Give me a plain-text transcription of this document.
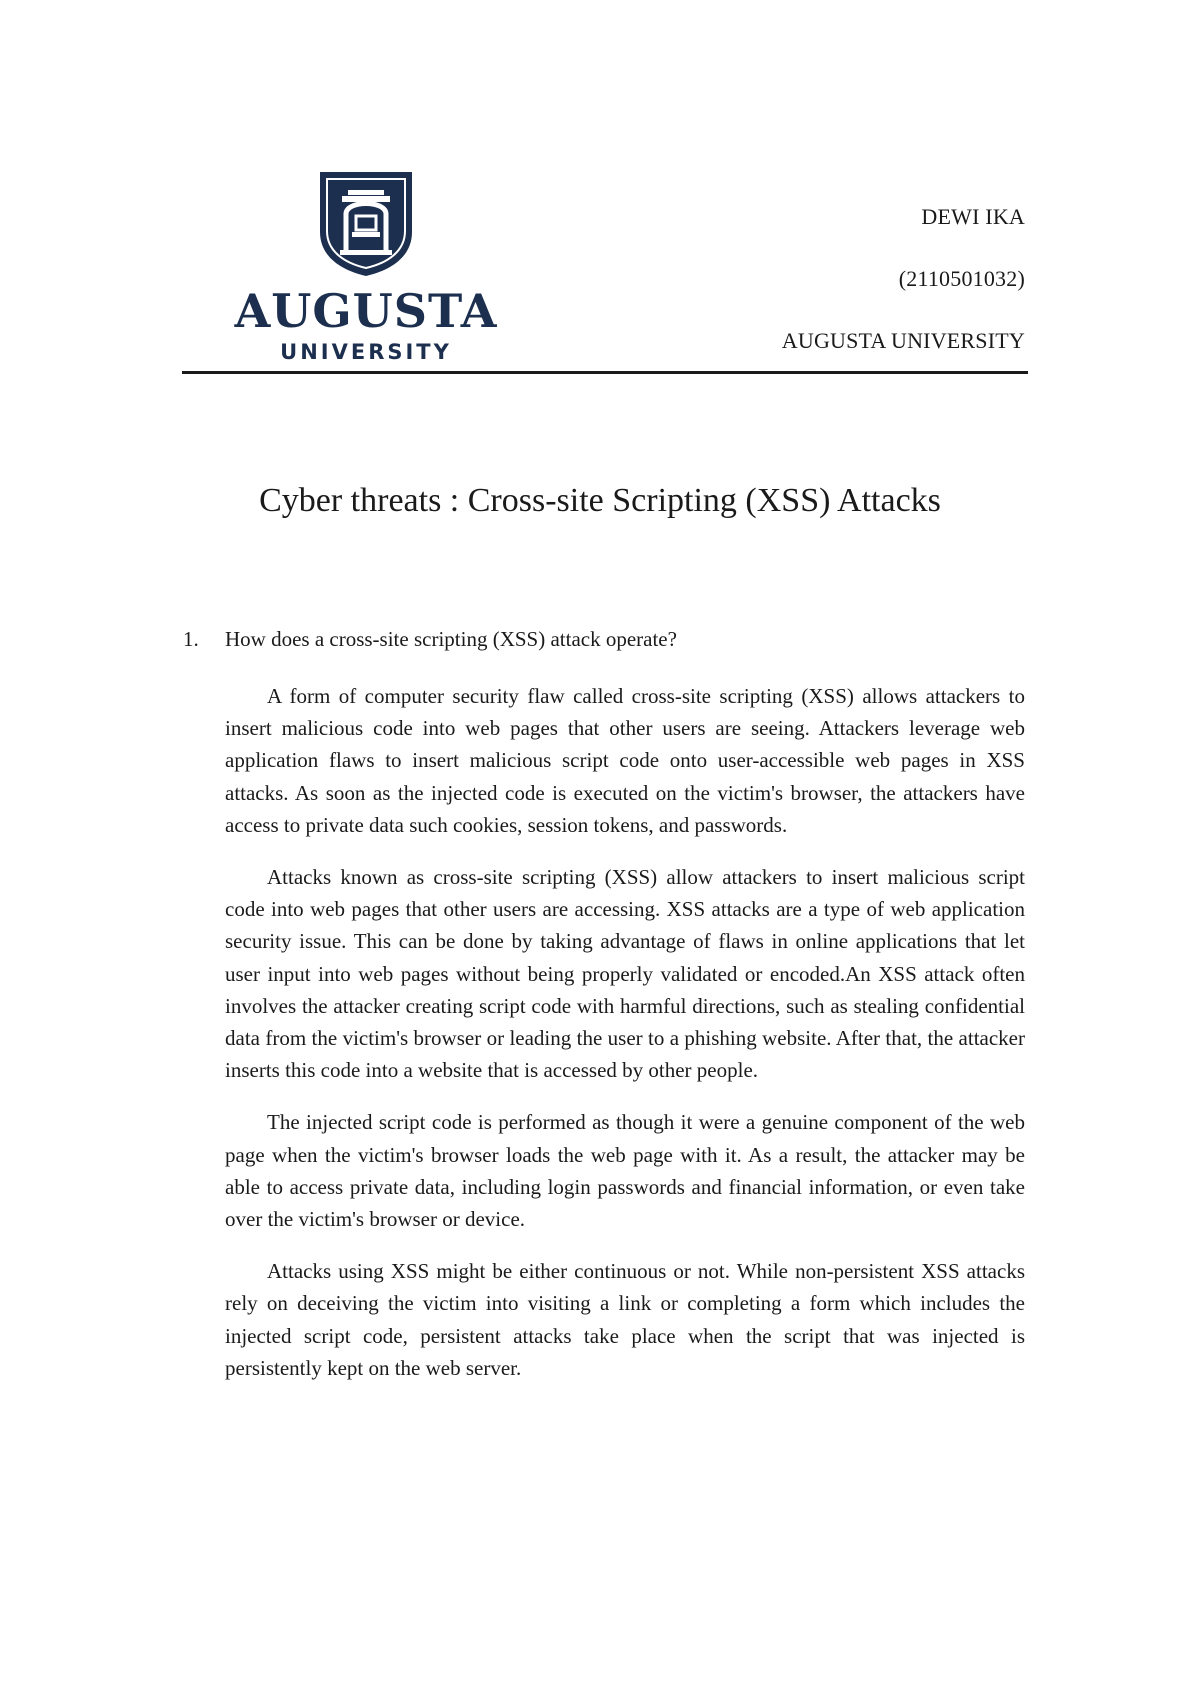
AUGUSTA
UNIVERSITY
DEWI IKA
(2110501032)
AUGUSTA UNIVERSITY
Cyber threats : Cross-site Scripting (XSS) Attacks
1. How does a cross-site scripting (XSS) attack operate?

A form of computer security flaw called cross-site scripting (XSS) allows attackers to insert malicious code into web pages that other users are seeing. Attackers leverage web application flaws to insert malicious script code onto user-accessible web pages in XSS attacks. As soon as the injected code is executed on the victim's browser, the attackers have access to private data such cookies, session tokens, and passwords.

Attacks known as cross-site scripting (XSS) allow attackers to insert malicious script code into web pages that other users are accessing. XSS attacks are a type of web application security issue. This can be done by taking advantage of flaws in online applications that let user input into web pages without being properly validated or encoded.An XSS attack often involves the attacker creating script code with harmful directions, such as stealing confidential data from the victim's browser or leading the user to a phishing website. After that, the attacker inserts this code into a website that is accessed by other people.

The injected script code is performed as though it were a genuine component of the web page when the victim's browser loads the web page with it. As a result, the attacker may be able to access private data, including login passwords and financial information, or even take over the victim's browser or device.

Attacks using XSS might be either continuous or not. While non-persistent XSS attacks rely on deceiving the victim into visiting a link or completing a form which includes the injected script code, persistent attacks take place when the script that was injected is persistently kept on the web server.
